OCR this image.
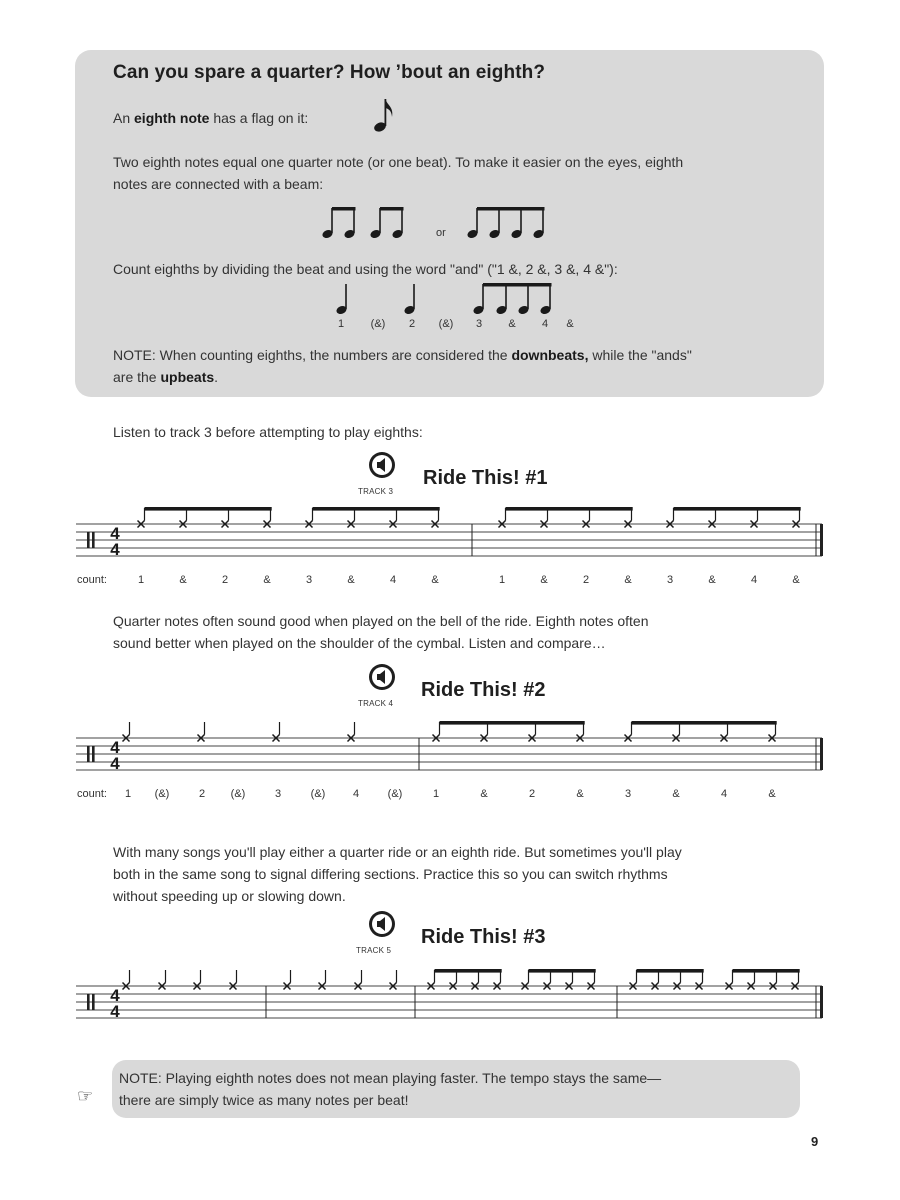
Can you spare a quarter? How ’bout an eighth?
An eighth note has a flag on it:
Two eighth notes equal one quarter note (or one beat). To make it easier on the eyes, eighth
notes are connected with a beam:
or
Count eighths by dividing the beat and using the word "and" ("1 &, 2 &, 3 &, 4 &"):
1 (&) 2 (&) 3 & 4 &
NOTE: When counting eighths, the numbers are considered the downbeats, while the "ands"
are the upbeats.
Listen to track 3 before attempting to play eighths:
TRACK 3
Ride This! #1
4
4
count:	1	&	2	&	3	&	4	&	1	&	2	&	3	&	4	&
Quarter notes often sound good when played on the bell of the ride. Eighth notes often
sound better when played on the shoulder of the cymbal. Listen and compare…
TRACK 4
Ride This! #2
4
4
count: 1 (&)	2 (&)	3	(&)	4	(&)	1	&	2	&	3	&	4	&
With many songs you'll play either a quarter ride or an eighth ride. But sometimes you'll play
both in the same song to signal differing sections. Practice this so you can switch rhythms
without speeding up or slowing down.
TRACK 5
Ride This! #3
4
4
☞
NOTE: Playing eighth notes does not mean playing faster. The tempo stays the same—
there are simply twice as many notes per beat!
9
